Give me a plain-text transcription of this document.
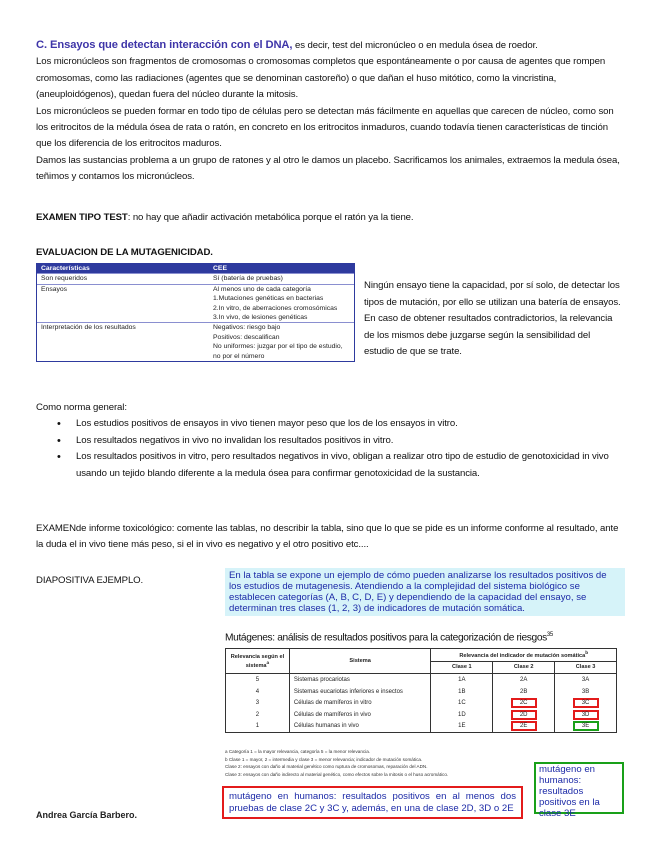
C. Ensayos que detectan interacción con el DNA, es decir, test del micronúcleo o en medula ósea de roedor.
Los micronúcleos son fragmentos de cromosomas o cromosomas completos que espontáneamente o por causa de agentes que rompen cromosomas, como las radiaciones (agentes que se denominan castoreño) o que dañan el huso mitótico, como la vincristina, (aneuploidógenos), quedan fuera del núcleo durante la mitosis.
Los micronúcleos se pueden formar en todo tipo de células pero se detectan más fácilmente en aquellas que carecen de núcleo, como son los eritrocitos de la médula ósea de rata o ratón, en concreto en los eritrocitos inmaduros, cuando todavía tienen características de tinción que los diferencia de los eritrocitos maduros.
Damos las sustancias problema a un grupo de ratones y al otro le damos un placebo. Sacrificamos los animales, extraemos la medula ósea, teñimos y contamos los micronúcleos.
EXAMEN TIPO TEST: no hay que añadir activación metabólica porque el ratón ya la tiene.
EVALUACION DE LA MUTAGENICIDAD.
Características	CEE
Son requeridos	Sí (batería de pruebas)
Ensayos	Al menos uno de cada categoría
1.Mutaciones genéticas en bacterias
2.In vitro, de aberraciones cromosómicas
3.In vivo, de lesiones genéticas
Interpretación de los resultados	Negativos: riesgo bajo
Positivos: descalifican
No uniformes: juzgar por el tipo de estudio, no por el número
Ningún ensayo tiene la capacidad, por sí solo, de detectar los tipos de mutación, por ello se utilizan una batería de ensayos. En caso de obtener resultados contradictorios, la relevancia de los mismos debe juzgarse según la sensibilidad del estudio de que se trate.
Como norma general:
• Los estudios positivos de ensayos in vivo tienen mayor peso que los de los ensayos in vitro.
• Los resultados negativos in vivo no invalidan los resultados positivos in vitro.
• Los resultados positivos in vitro, pero resultados negativos in vivo, obligan a realizar otro tipo de estudio de genotoxicidad in vivo usando un tejido blando diferente a la medula ósea para confirmar genotoxicidad de la sustancia.
EXAMENde informe toxicológico: comente las tablas, no describir la tabla, sino que lo que se pide es un informe conforme al resultado, ante la duda el in vivo tiene más peso, si el in vivo es negativo y el otro positivo etc....
DIAPOSITIVA EJEMPLO.	En la tabla se expone un ejemplo de cómo pueden analizarse los resultados positivos de los estudios de mutagenesis. Atendiendo a la complejidad del sistema biológico se establecen categorías (A, B, C, D, E) y dependiendo de la capacidad del ensayo, se determinan tres clases (1, 2, 3) de indicadores de mutación somática.
Mutágenes: análisis de resultados positivos para la categorización de riesgos$^{35}$
Relevancia según el sistema$^a$	Sistema	Relevancia del indicador de mutación somática$^b$
		Clase 1	Clase 2	Clase 3
5	Sistemas procariotas	1A	2A	3A
4	Sistemas eucariotas inferiores e insectos	1B	2B	3B
3	Células de mamíferos in vitro	1C	2C	3C
2	Células de mamíferos in vivo	1D	2D	3D
1	Células humanas in vivo	1E	2E	3E
a Categoría 1 = la mayor relevancia, categoría 5 = la menor relevancia.
b Clase 1 = mayor, 2 = intermedia y clase 3 = menor relevancia; indicador de mutación somática.
Clase 2: ensayos con daño al material genético como ruptura de cromosomas, reparación del ADN.
Clase 3: ensayos con daño indirecto al material genético, como efectos sobre la mitosis o el huso acromático.	mutágeno en humanos: resultados positivos en la clase 3E
mutágeno en humanos: resultados positivos en al menos dos pruebas de clase 2C y 3C y, además, en una de clase 2D, 3D o 2E
Andrea García Barbero.
